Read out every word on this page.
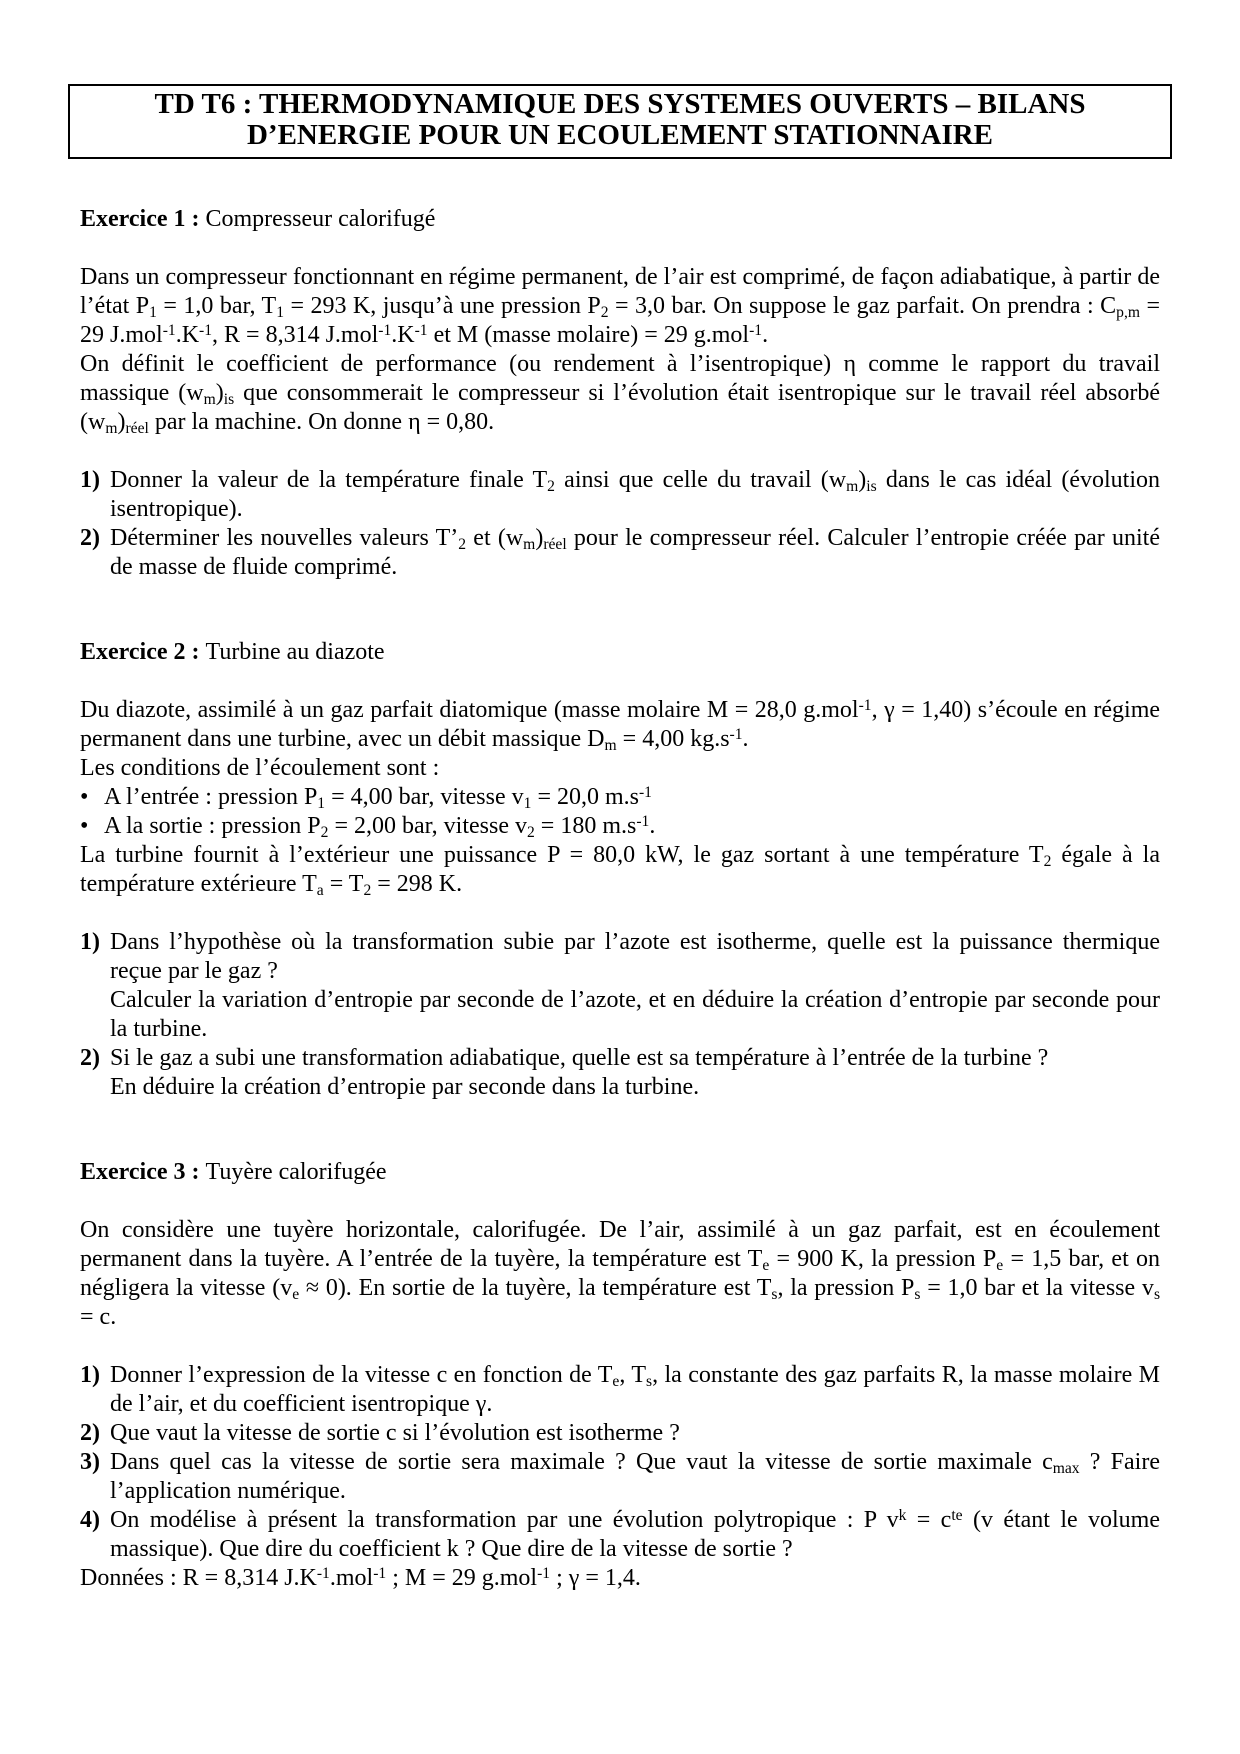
TD T6 : THERMODYNAMIQUE DES SYSTEMES OUVERTS – BILANS
D’ENERGIE POUR UN ECOULEMENT STATIONNAIRE

Exercice 1 : Compresseur calorifugé

Dans un compresseur fonctionnant en régime permanent, de l’air est comprimé, de façon adiabatique, à partir de l’état $P_1 = 1,0$ bar, $T_1 = 293$ K, jusqu’à une pression $P_2 = 3,0$ bar. On suppose le gaz parfait. On prendra : $C_{p,m} = 29$ $J.mol^{-1}.K^{-1}$, R = 8,314 $J.mol^{-1}.K^{-1}$ et M (masse molaire) = 29 g.mol$^{-1}$.

On définit le coefficient de performance (ou rendement à l’isentropique) η comme le rapport du travail massique $(w_m)_{is}$ que consommerait le compresseur si l’évolution était isentropique sur le travail réel absorbé $(w_m)_{réel}$ par la machine. On donne η = 0,80.

1) Donner la valeur de la température finale $T_2$ ainsi que celle du travail $(w_m)_{is}$ dans le cas idéal (évolution isentropique).
2) Déterminer les nouvelles valeurs $T’_2$ et $(w_m)_{réel}$ pour le compresseur réel. Calculer l’entropie créée par unité de masse de fluide comprimé.

Exercice 2 : Turbine au diazote

Du diazote, assimilé à un gaz parfait diatomique (masse molaire M = 28,0 g.mol$^{-1}$, γ = 1,40) s’écoule en régime permanent dans une turbine, avec un débit massique $D_m = 4,00$ $kg.s^{-1}$.

Les conditions de l’écoulement sont :

• A l’entrée : pression $P_1 = 4,00$ bar, vitesse $v_1 = 20,0$ $m.s^{-1}$
• A la sortie : pression $P_2 = 2,00$ bar, vitesse $v_2 = 180$ $m.s^{-1}$.

La turbine fournit à l’extérieur une puissance P = 80,0 kW, le gaz sortant à une température $T_2$ égale à la température extérieure $T_a = T_2 = 298$ K.

1) Dans l’hypothèse où la transformation subie par l’azote est isotherme, quelle est la puissance thermique reçue par le gaz ?

Calculer la variation d’entropie par seconde de l’azote, et en déduire la création d’entropie par seconde pour la turbine.

2) Si le gaz a subi une transformation adiabatique, quelle est sa température à l’entrée de la turbine ?

En déduire la création d’entropie par seconde dans la turbine.

Exercice 3 : Tuyère calorifugée

On considère une tuyère horizontale, calorifugée. De l’air, assimilé à un gaz parfait, est en écoulement permanent dans la tuyère. A l’entrée de la tuyère, la température est $T_e = 900$ K, la pression $P_e = 1,5$ bar, et on négligera la vitesse $(v_e \approx 0)$. En sortie de la tuyère, la température est $T_s$, la pression $P_s = 1,0$ bar et la vitesse $v_s = c$.

1) Donner l’expression de la vitesse c en fonction de $T_e$, $T_s$, la constante des gaz parfaits R, la masse molaire M de l’air, et du coefficient isentropique γ.
2) Que vaut la vitesse de sortie c si l’évolution est isotherme ?
3) Dans quel cas la vitesse de sortie sera maximale ? Que vaut la vitesse de sortie maximale $c_{max}$ ? Faire l’application numérique.
4) On modélise à présent la transformation par une évolution polytropique : P $v^k = c^{te}$ (v étant le volume massique). Que dire du coefficient k ? Que dire de la vitesse de sortie ?

Données : R = 8,314 $J.K^{-1}.mol^{-1}$ ; M = 29 g.mol$^{-1}$ ; γ = 1,4.
